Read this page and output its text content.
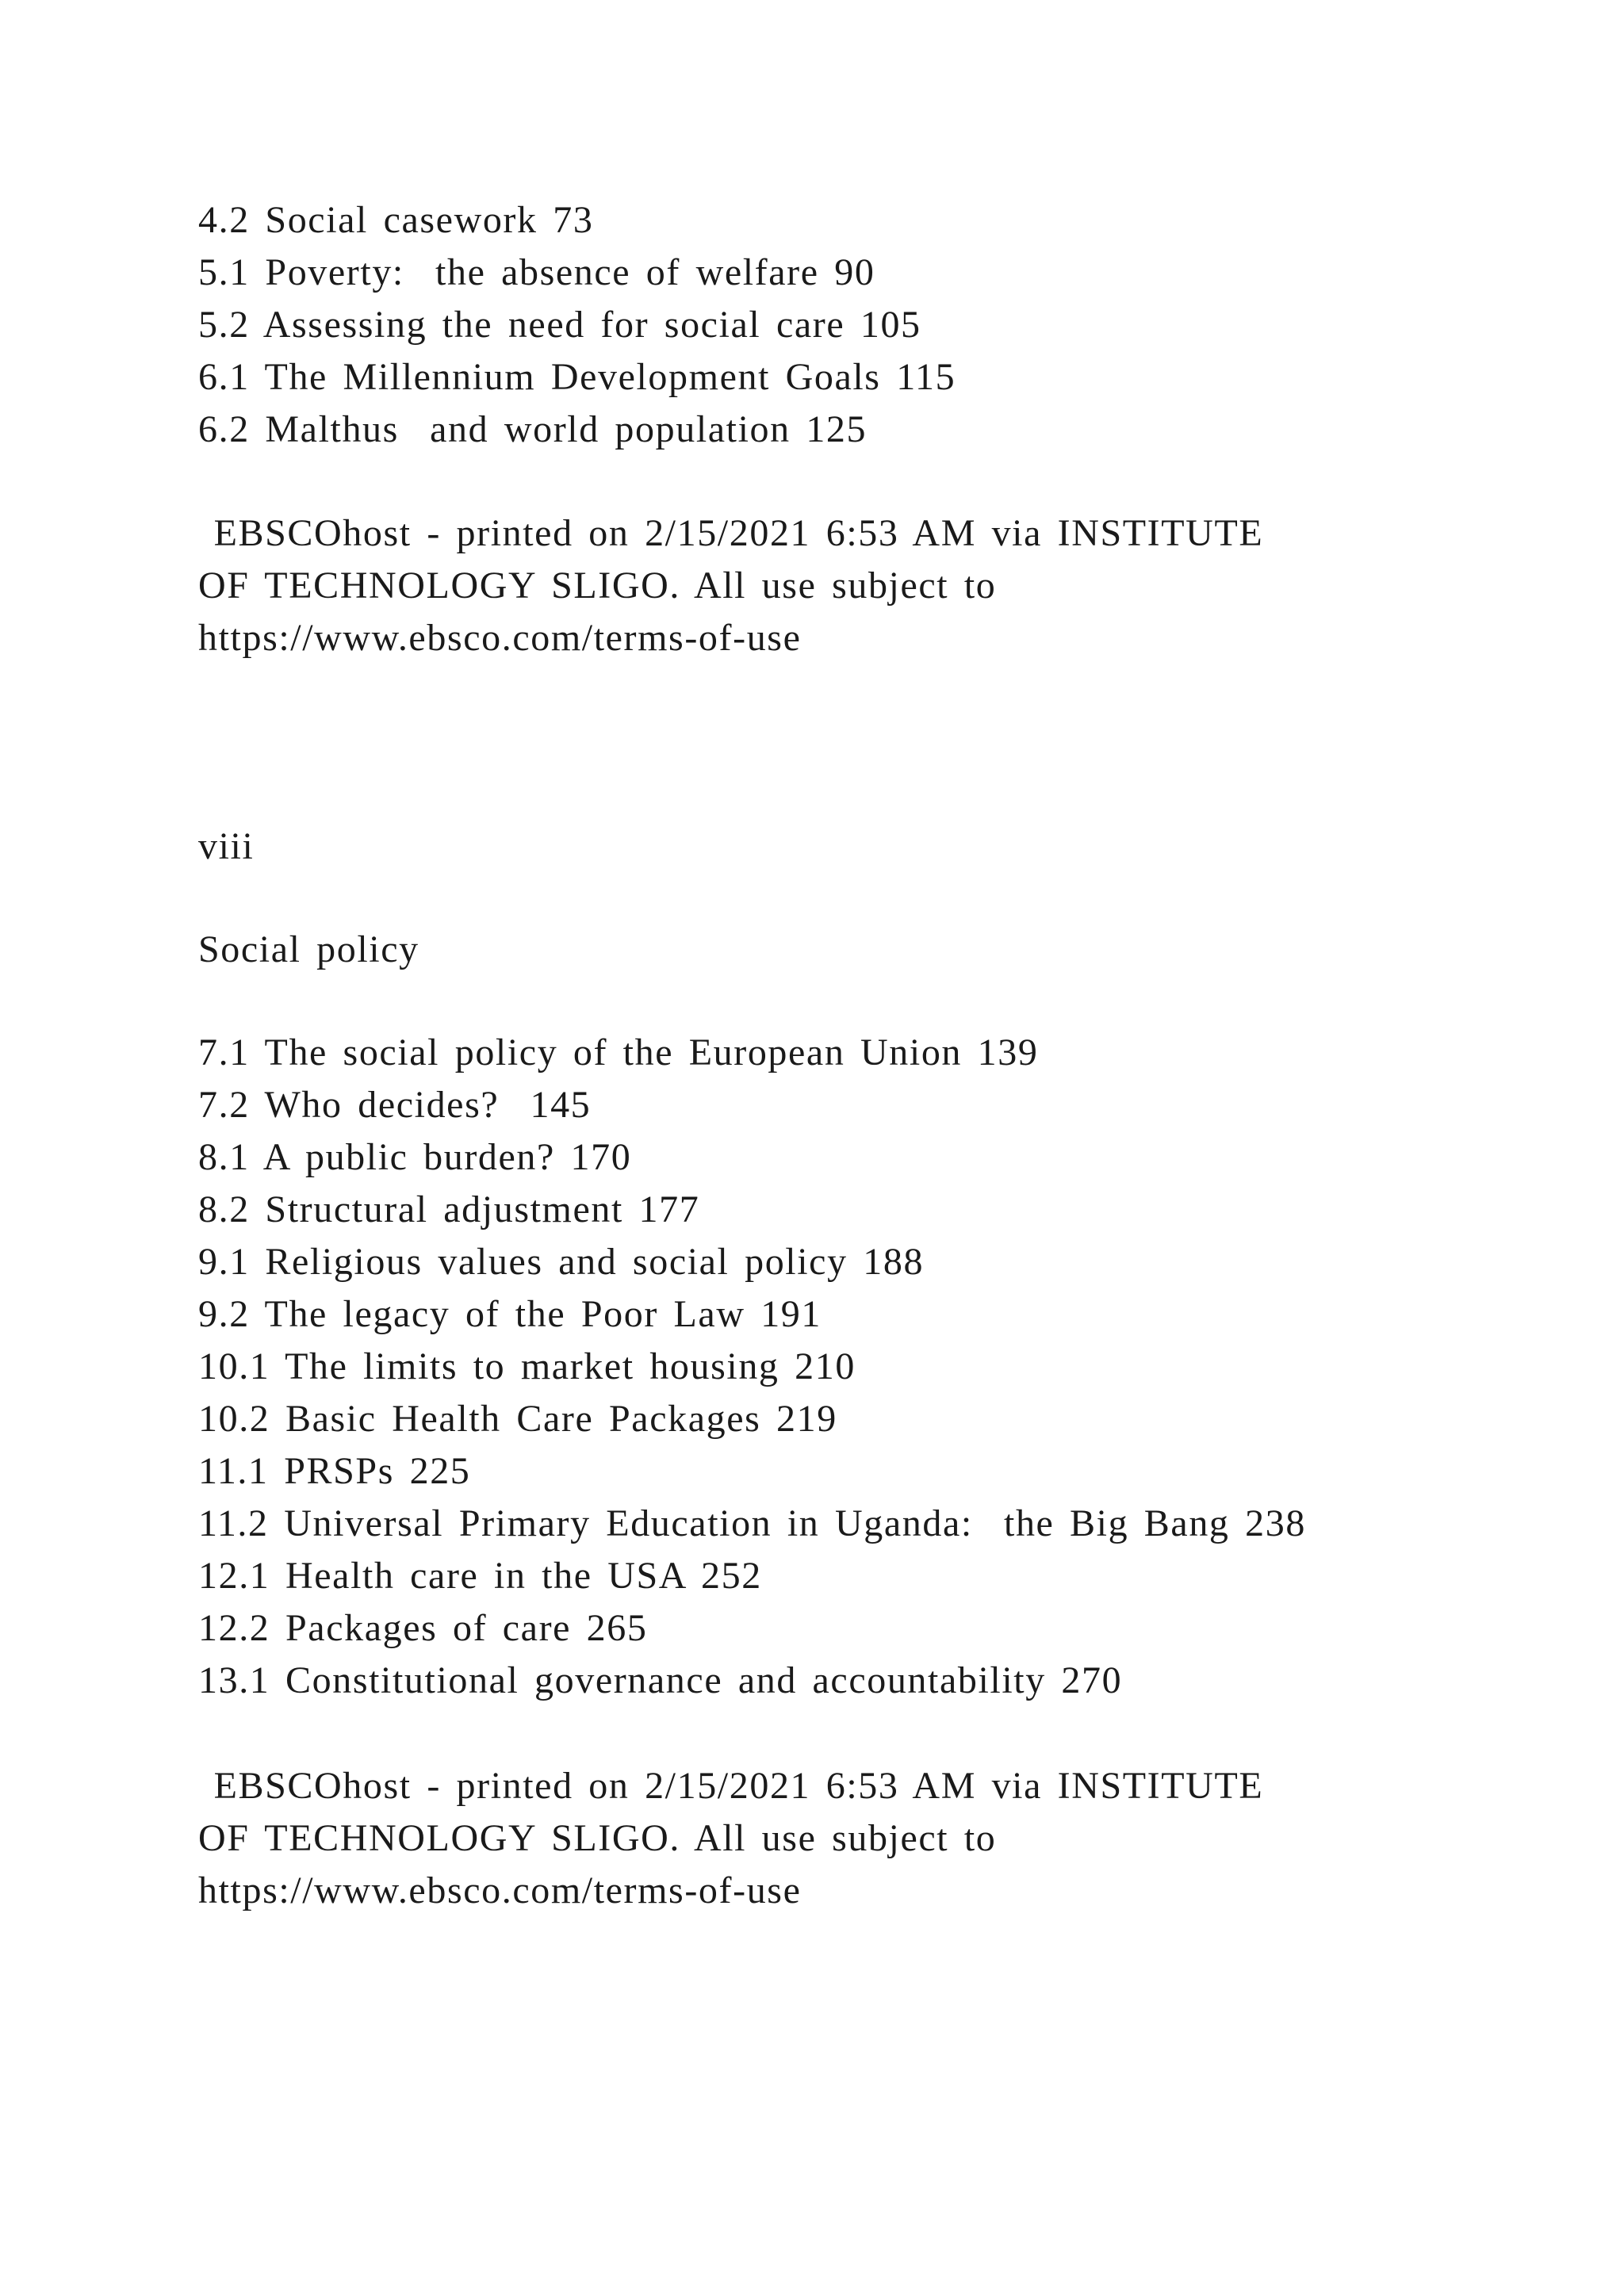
4.2 Social casework 73
5.1 Poverty:  the absence of welfare 90
5.2 Assessing the need for social care 105
6.1 The Millennium Development Goals 115
6.2 Malthus  and world population 125
EBSCOhost - printed on 2/15/2021 6:53 AM via INSTITUTE
OF TECHNOLOGY SLIGO. All use subject to
https://www.ebsco.com/terms-of-use
viii
Social policy
7.1 The social policy of the European Union 139
7.2 Who decides?  145
8.1 A public burden? 170
8.2 Structural adjustment 177
9.1 Religious values and social policy 188
9.2 The legacy of the Poor Law 191
10.1 The limits to market housing 210
10.2 Basic Health Care Packages 219
11.1 PRSPs 225
11.2 Universal Primary Education in Uganda:  the Big Bang 238
12.1 Health care in the USA 252
12.2 Packages of care 265
13.1 Constitutional governance and accountability 270
EBSCOhost - printed on 2/15/2021 6:53 AM via INSTITUTE
OF TECHNOLOGY SLIGO. All use subject to
https://www.ebsco.com/terms-of-use
